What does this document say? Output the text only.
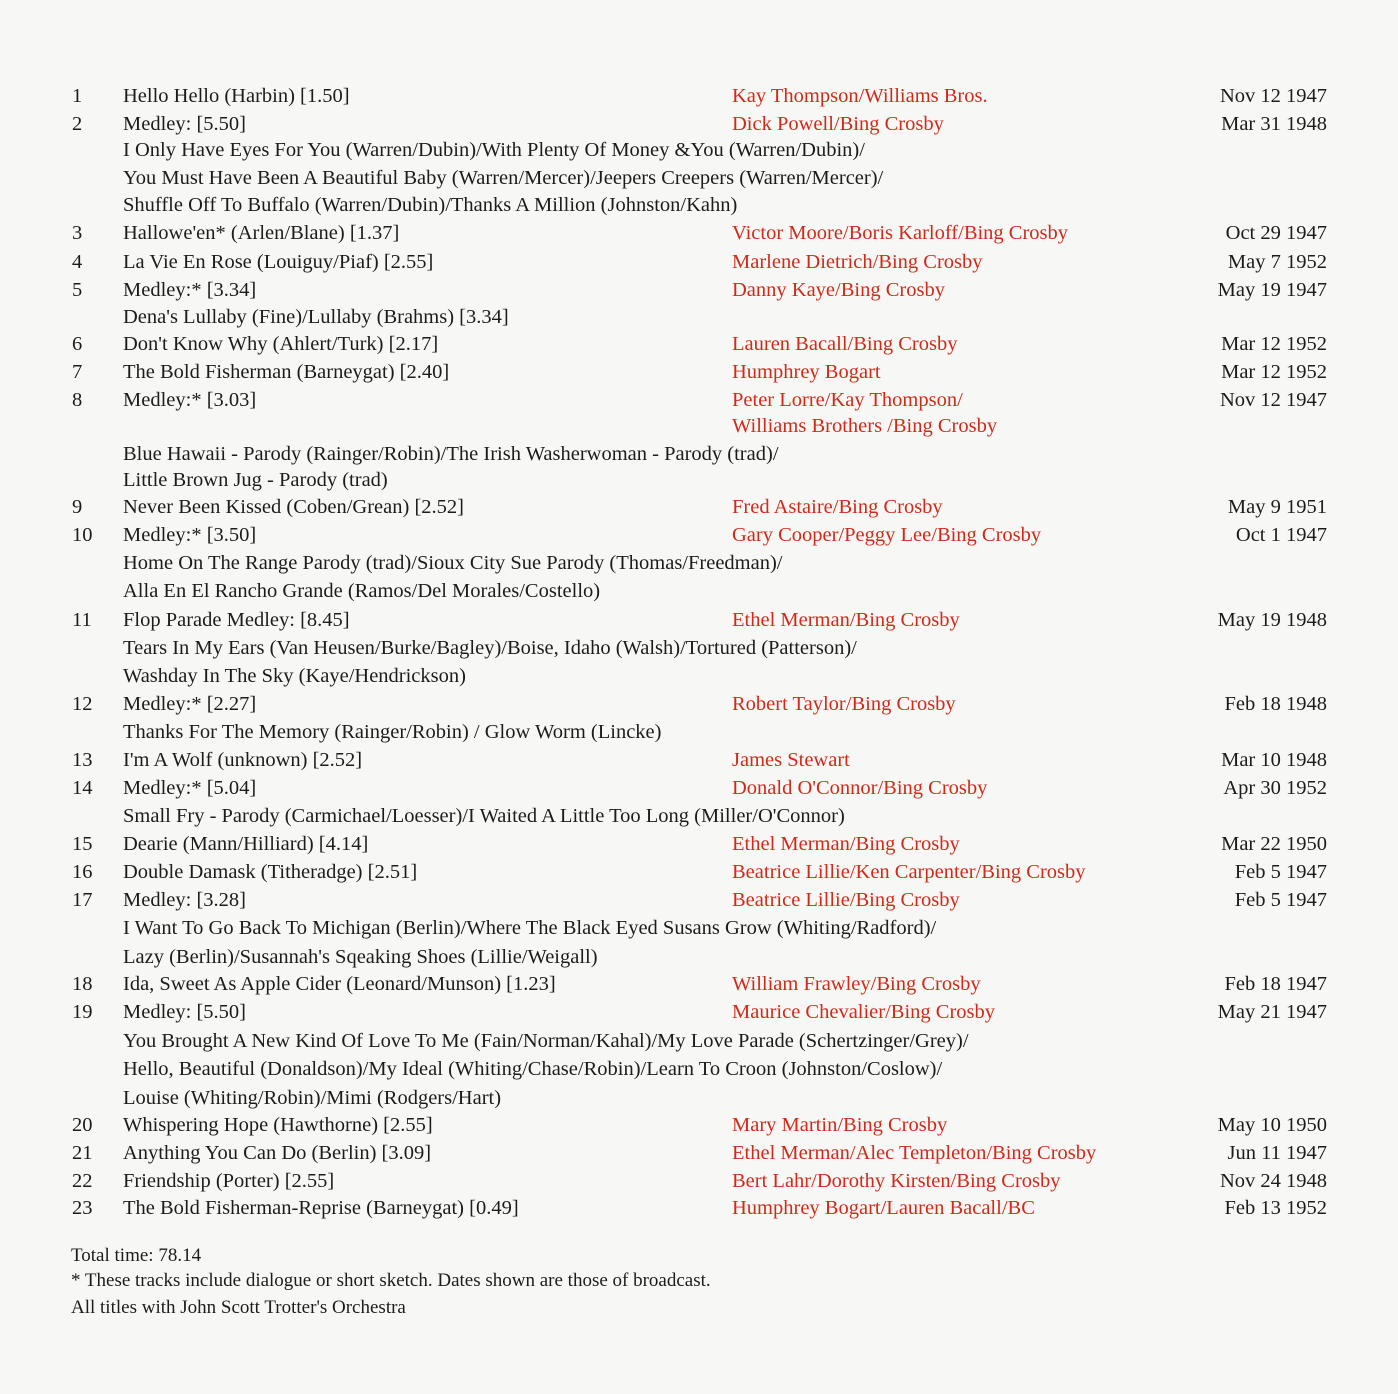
1 Hello Hello (Harbin) [1.50]	Kay Thompson/Williams Bros.	Nov 12 1947
2 Medley: [5.50]	Dick Powell/Bing Crosby	Mar 31 1948
I Only Have Eyes For You (Warren/Dubin)/With Plenty Of Money &You (Warren/Dubin)/
You Must Have Been A Beautiful Baby (Warren/Mercer)/Jeepers Creepers (Warren/Mercer)/
Shuffle Off To Buffalo (Warren/Dubin)/Thanks A Million (Johnston/Kahn)
3 Hallowe'en* (Arlen/Blane) [1.37]	Victor Moore/Boris Karloff/Bing Crosby	Oct 29 1947
4 La Vie En Rose (Louiguy/Piaf) [2.55]	Marlene Dietrich/Bing Crosby	May 7 1952
5 Medley:* [3.34]	Danny Kaye/Bing Crosby	May 19 1947
Dena's Lullaby (Fine)/Lullaby (Brahms) [3.34]
6 Don't Know Why (Ahlert/Turk) [2.17]	Lauren Bacall/Bing Crosby	Mar 12 1952
7 The Bold Fisherman (Barneygat) [2.40]	Humphrey Bogart	Mar 12 1952
8 Medley:* [3.03]	Peter Lorre/Kay Thompson/	Nov 12 1947
Williams Brothers /Bing Crosby
Blue Hawaii - Parody (Rainger/Robin)/The Irish Washerwoman - Parody (trad)/
Little Brown Jug - Parody (trad)
9 Never Been Kissed (Coben/Grean) [2.52]	Fred Astaire/Bing Crosby	May 9 1951
10 Medley:* [3.50]	Gary Cooper/Peggy Lee/Bing Crosby	Oct 1 1947
Home On The Range Parody (trad)/Sioux City Sue Parody (Thomas/Freedman)/
Alla En El Rancho Grande (Ramos/Del Morales/Costello)
11 Flop Parade Medley: [8.45]	Ethel Merman/Bing Crosby	May 19 1948
Tears In My Ears (Van Heusen/Burke/Bagley)/Boise, Idaho (Walsh)/Tortured (Patterson)/
Washday In The Sky (Kaye/Hendrickson)
12 Medley:* [2.27]	Robert Taylor/Bing Crosby	Feb 18 1948
Thanks For The Memory (Rainger/Robin) / Glow Worm (Lincke)
13 I'm A Wolf (unknown) [2.52]	James Stewart	Mar 10 1948
14 Medley:* [5.04]	Donald O'Connor/Bing Crosby	Apr 30 1952
Small Fry - Parody (Carmichael/Loesser)/I Waited A Little Too Long (Miller/O'Connor)
15 Dearie (Mann/Hilliard) [4.14]	Ethel Merman/Bing Crosby	Mar 22 1950
16 Double Damask (Titheradge) [2.51]	Beatrice Lillie/Ken Carpenter/Bing Crosby	Feb 5 1947
17 Medley: [3.28]	Beatrice Lillie/Bing Crosby	Feb 5 1947
I Want To Go Back To Michigan (Berlin)/Where The Black Eyed Susans Grow (Whiting/Radford)/
Lazy (Berlin)/Susannah's Sqeaking Shoes (Lillie/Weigall)
18 Ida, Sweet As Apple Cider (Leonard/Munson) [1.23]	William Frawley/Bing Crosby	Feb 18 1947
19 Medley: [5.50]	Maurice Chevalier/Bing Crosby	May 21 1947
You Brought A New Kind Of Love To Me (Fain/Norman/Kahal)/My Love Parade (Schertzinger/Grey)/
Hello, Beautiful (Donaldson)/My Ideal (Whiting/Chase/Robin)/Learn To Croon (Johnston/Coslow)/
Louise (Whiting/Robin)/Mimi (Rodgers/Hart)
20 Whispering Hope (Hawthorne) [2.55]	Mary Martin/Bing Crosby	May 10 1950
21 Anything You Can Do (Berlin) [3.09]	Ethel Merman/Alec Templeton/Bing Crosby	Jun 11 1947
22 Friendship (Porter) [2.55]	Bert Lahr/Dorothy Kirsten/Bing Crosby	Nov 24 1948
23 The Bold Fisherman-Reprise (Barneygat) [0.49]	Humphrey Bogart/Lauren Bacall/BC	Feb 13 1952
Total time: 78.14
* These tracks include dialogue or short sketch. Dates shown are those of broadcast.
All titles with John Scott Trotter's Orchestra
